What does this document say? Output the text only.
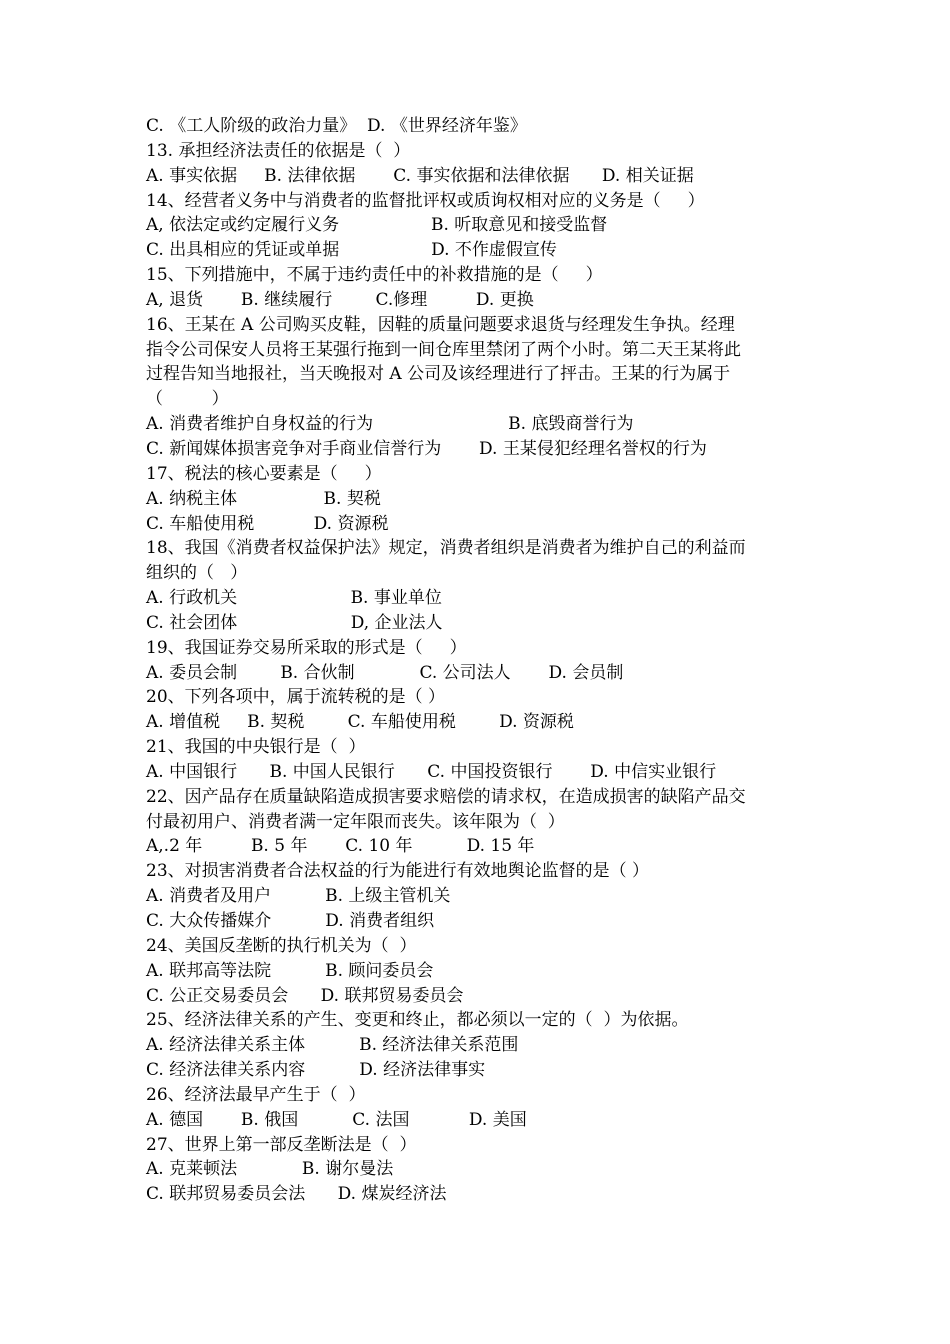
C. 《工人阶级的政治力量》  D. 《世界经济年鉴》
13. 承担经济法责任的依据是（  ）
A. 事实依据     B. 法律依据       C. 事实依据和法律依据      D. 相关证据
14、经营者义务中与消费者的监督批评权或质询权相对应的义务是（     ）
A, 依法定或约定履行义务                 B. 听取意见和接受监督
C. 出具相应的凭证或单据                 D. 不作虚假宣传
15、下列措施中，不属于违约责任中的补救措施的是（     ）
A, 退货       B. 继续履行        C.修理         D. 更换
16、王某在 A 公司购买皮鞋，因鞋的质量问题要求退货与经理发生争执。经理
指令公司保安人员将王某强行拖到一间仓库里禁闭了两个小时。第二天王某将此
过程告知当地报社，当天晚报对 A 公司及该经理进行了抨击。王某的行为属于
（         ）
A. 消费者维护自身权益的行为                         B. 底毁商誉行为
C. 新闻媒体损害竞争对手商业信誉行为       D. 王某侵犯经理名誉权的行为
17、税法的核心要素是（     ）
A. 纳税主体                B. 契税
C. 车船使用税           D. 资源税
18、我国《消费者权益保护法》规定，消费者组织是消费者为维护自己的利益而
组织的（   ）
A. 行政机关                     B. 事业单位
C. 社会团体                     D, 企业法人
19、我国证券交易所采取的形式是（     ）
A. 委员会制        B. 合伙制            C. 公司法人       D. 会员制
20、下列各项中，属于流转税的是（ ）
A. 增值税     B. 契税        C. 车船使用税        D. 资源税
21、我国的中央银行是（  ）
A. 中国银行      B. 中国人民银行      C. 中国投资银行       D. 中信实业银行
22、因产品存在质量缺陷造成损害要求赔偿的请求权，在造成损害的缺陷产品交
付最初用户、消费者满一定年限而丧失。该年限为（  ）
A,.2 年         B. 5 年       C. 10 年          D. 15 年
23、对损害消费者合法权益的行为能进行有效地舆论监督的是（ ）
A. 消费者及用户          B. 上级主管机关
C. 大众传播媒介          D. 消费者组织
24、美国反垄断的执行机关为（  ）
A. 联邦高等法院          B. 顾问委员会
C. 公正交易委员会      D. 联邦贸易委员会
25、经济法律关系的产生、变更和终止，都必须以一定的（  ）为依据。
A. 经济法律关系主体          B. 经济法律关系范围
C. 经济法律关系内容          D. 经济法律事实
26、经济法最早产生于（  ）
A. 德国       B. 俄国          C. 法国           D. 美国
27、世界上第一部反垄断法是（  ）
A. 克莱顿法            B. 谢尔曼法
C. 联邦贸易委员会法      D. 煤炭经济法
